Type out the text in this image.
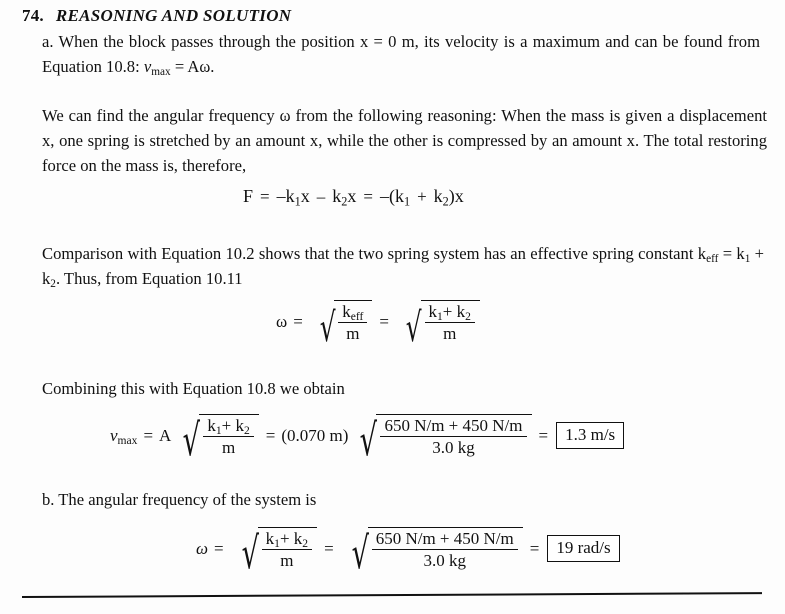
74. REASONING AND SOLUTION
a. When the block passes through the position x = 0 m, its velocity is a maximum and can be found from Equation 10.8: $v_{max} = A\omega$.
We can find the angular frequency ω from the following reasoning: When the mass is given a displacement x, one spring is stretched by an amount x, while the other is compressed by an amount x. The total restoring force on the mass is, therefore,
$F = -k_1x - k_2x = -(k_1 + k_2)x$
Comparison with Equation 10.2 shows that the two spring system has an effective spring constant $k_{eff} = k_1 + k_2$. Thus, from Equation 10.11
ω = √ $\frac{k_{eff}}{m}$ = √ $\frac{k_1+ k_2}{m}$
Combining this with Equation 10.8 we obtain
$v_{max} = A$ √ $\frac{k_1+ k_2}{m} = (0.070$ m) √ $\frac{650 N/m + 450 N/m}{3.0 kg}$ =	1.3 m/s
b. The angular frequency of the system is
ω = √ $\frac{k_1+ k_2}{m}$ = √ $\frac{650 N/m + 450 N/m}{3.0 kg}$ =	19 rad/s
